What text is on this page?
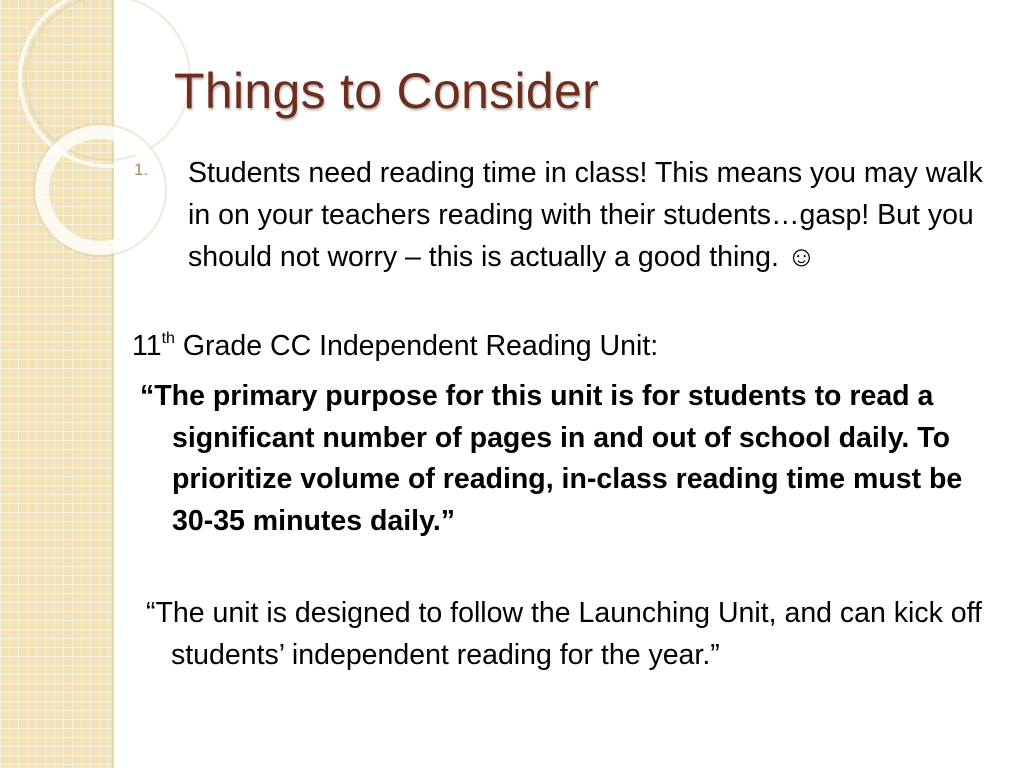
Things to Consider
1. Students need reading time in class! This means you may walk in on your teachers reading with their students…gasp! But you should not worry – this is actually a good thing. ☺

11th Grade CC Independent Reading Unit:

“The primary purpose for this unit is for students to read a significant number of pages in and out of school daily. To prioritize volume of reading, in-class reading time must be 30-35 minutes daily.”

“The unit is designed to follow the Launching Unit, and can kick off students’ independent reading for the year.”
